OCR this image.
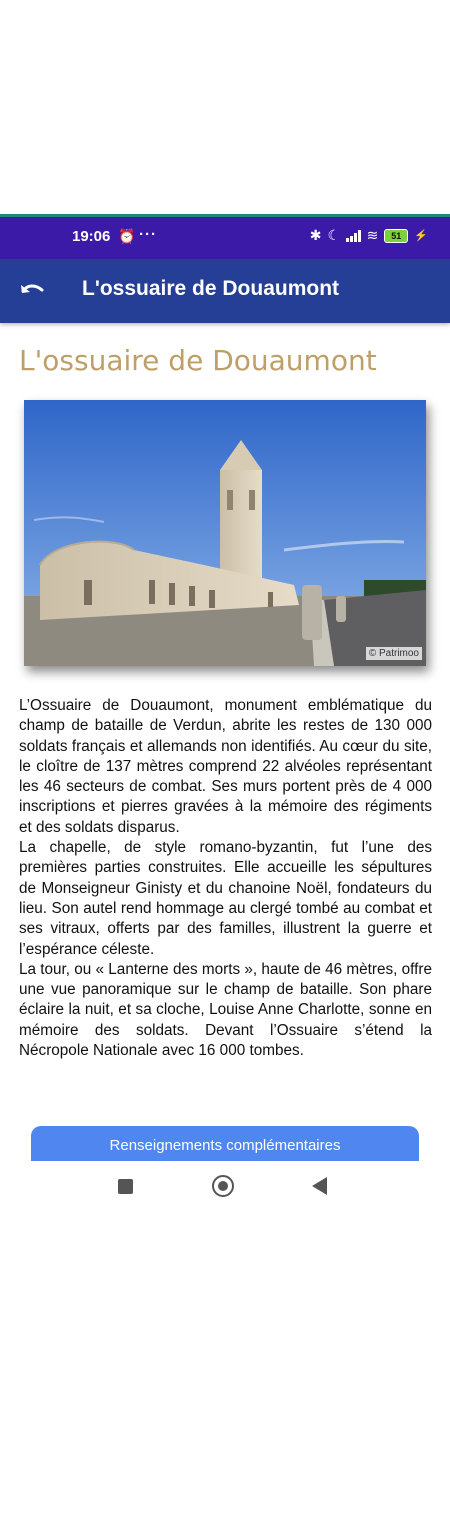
19:06 ⏰ ···	✱ ☾ ≋	51	⚡
L'ossuaire de Douaumont
L'ossuaire de Douaumont
© Patrimoo

L’Ossuaire de Douaumont, monument emblématique du champ de bataille de Verdun, abrite les restes de 130 000 soldats français et allemands non identifiés. Au cœur du site, le cloître de 137 mètres comprend 22 alvéoles représentant les 46 secteurs de combat. Ses murs portent près de 4 000 inscriptions et pierres gravées à la mémoire des régiments et des soldats disparus.

La chapelle, de style romano-byzantin, fut l’une des premières parties construites. Elle accueille les sépultures de Monseigneur Ginisty et du chanoine Noël, fondateurs du lieu. Son autel rend hommage au clergé tombé au combat et ses vitraux, offerts par des familles, illustrent la guerre et l’espérance céleste.

La tour, ou « Lanterne des morts », haute de 46 mètres, offre une vue panoramique sur le champ de bataille. Son phare éclaire la nuit, et sa cloche, Louise Anne Charlotte, sonne en mémoire des soldats. Devant l’Ossuaire s’étend la Nécropole Nationale avec 16 000 tombes.

Renseignements complémentaires
